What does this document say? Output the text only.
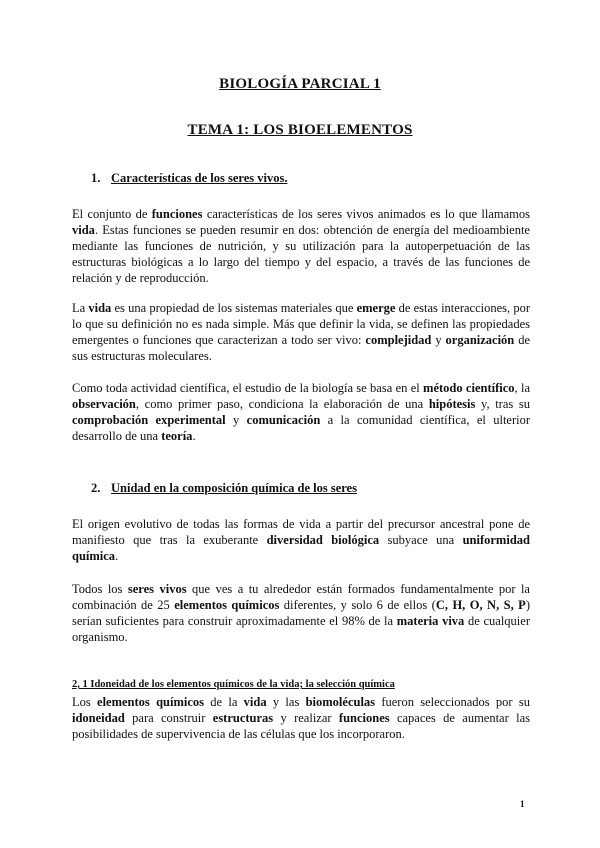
BIOLOGÍA PARCIAL 1
TEMA 1: LOS BIOELEMENTOS
1. Características de los seres vivos.

El conjunto de funciones características de los seres vivos animados es lo que llamamos vida. Estas funciones se pueden resumir en dos: obtención de energía del medioambiente mediante las funciones de nutrición, y su utilización para la autoperpetuación de las estructuras biológicas a lo largo del tiempo y del espacio, a través de las funciones de relación y de reproducción.

La vida es una propiedad de los sistemas materiales que emerge de estas interacciones, por lo que su definición no es nada simple. Más que definir la vida, se definen las propiedades emergentes o funciones que caracterizan a todo ser vivo: complejidad y organización de sus estructuras moleculares.

Como toda actividad científica, el estudio de la biología se basa en el método científico, la observación, como primer paso, condiciona la elaboración de una hipótesis y, tras su comprobación experimental y comunicación a la comunidad científica, el ulterior desarrollo de una teoría.

2. Unidad en la composición química de los seres

El origen evolutivo de todas las formas de vida a partir del precursor ancestral pone de manifiesto que tras la exuberante diversidad biológica subyace una uniformidad química.

Todos los seres vivos que ves a tu alrededor están formados fundamentalmente por la combinación de 25 elementos químicos diferentes, y solo 6 de ellos (C, H, O, N, S, P) serían suficientes para construir aproximadamente el 98% de la materia viva de cualquier organismo.

2, 1 Idoneidad de los elementos químicos de la vida; la selección química

Los elementos químicos de la vida y las biomoléculas fueron seleccionados por su idoneidad para construir estructuras y realizar funciones capaces de aumentar las posibilidades de supervivencia de las células que los incorporaron.

1
